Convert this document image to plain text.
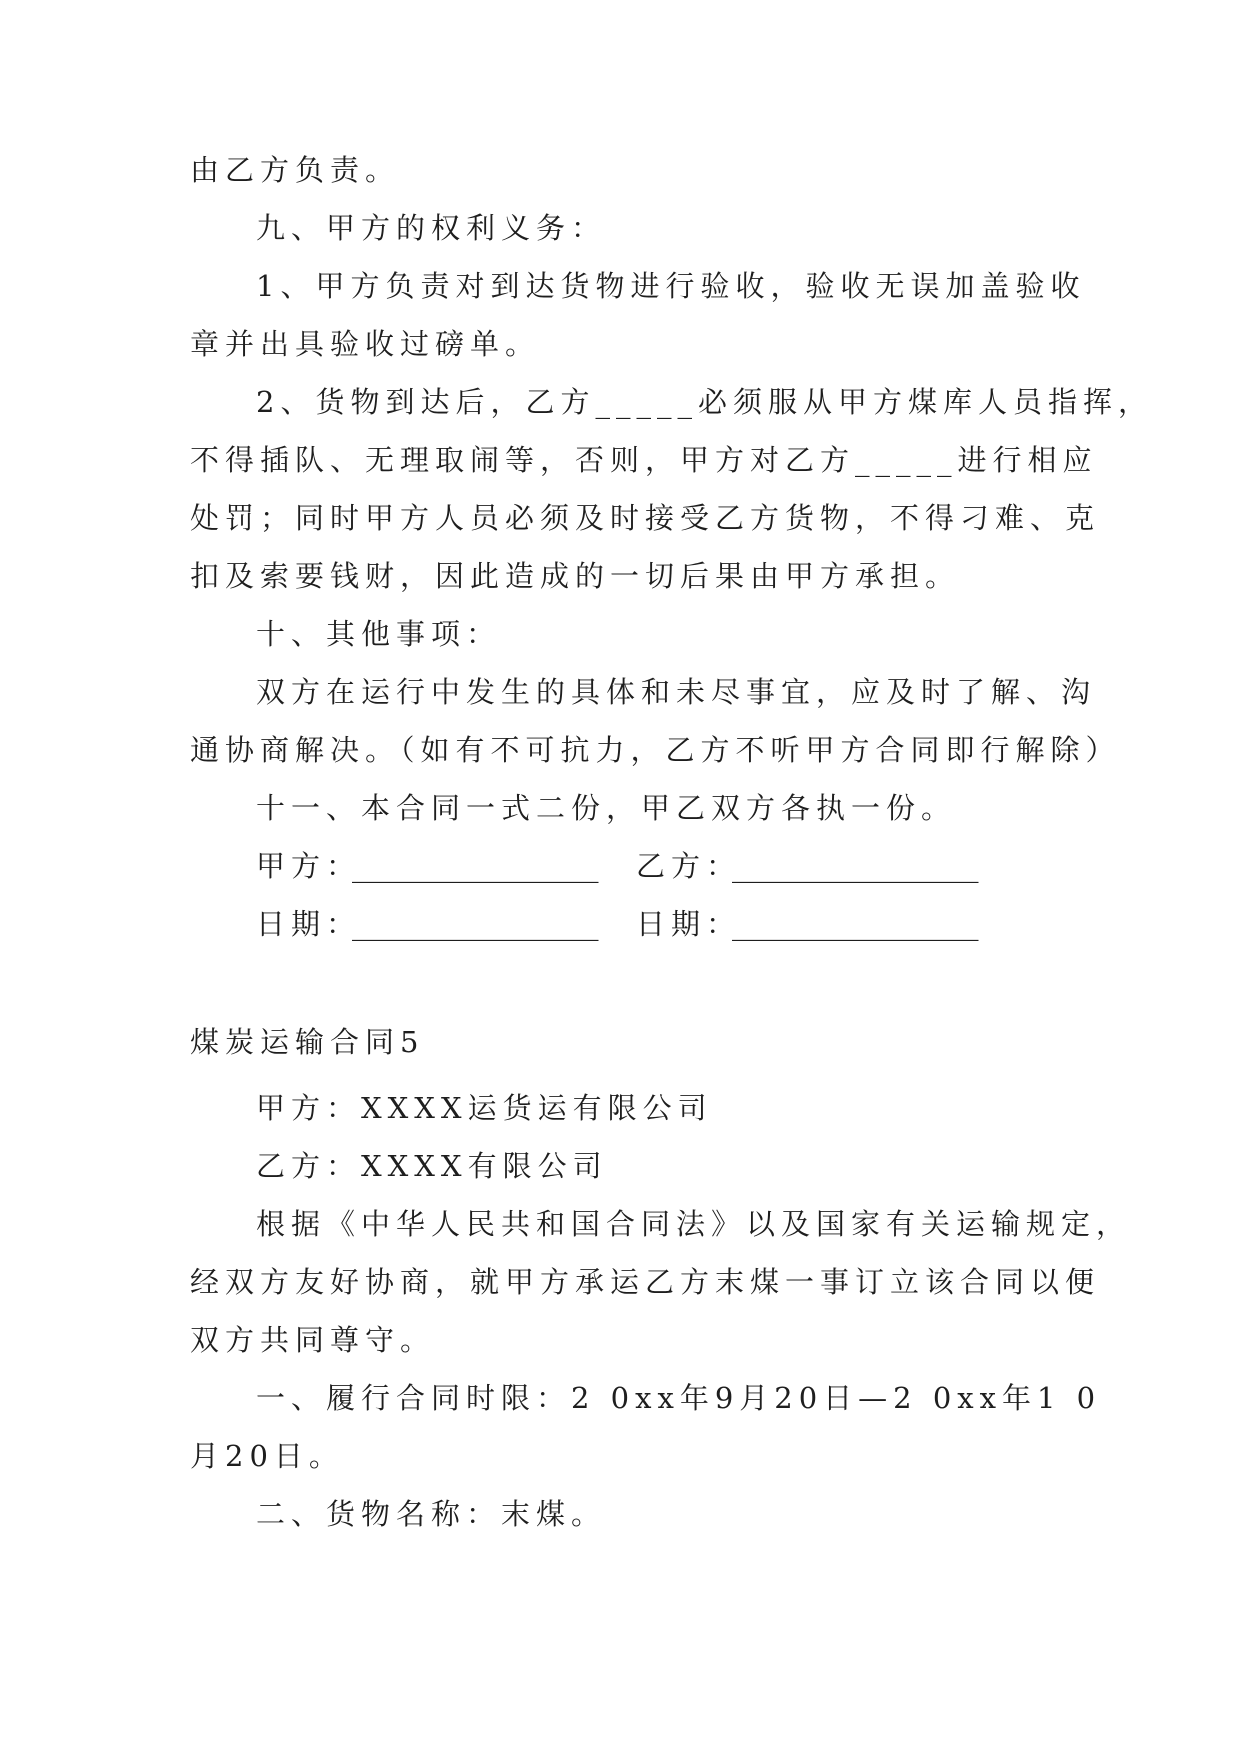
由乙方负责。
九、甲方的权利义务：
1、甲方负责对到达货物进行验收，验收无误加盖验收
章并出具验收过磅单。
2、货物到达后，乙方_____必须服从甲方煤库人员指挥，
不得插队、无理取闹等，否则，甲方对乙方_____进行相应
处罚；同时甲方人员必须及时接受乙方货物，不得刁难、克
扣及索要钱财，因此造成的一切后果由甲方承担。
十、其他事项：
双方在运行中发生的具体和未尽事宜，应及时了解、沟
通协商解决。（如有不可抗力，乙方不听甲方合同即行解除）
十一、本合同一式二份，甲乙双方各执一份。
甲方：
_________________ 乙方：
_________________
日期：
_________________ 日期：
_________________
煤炭运输合同5
甲方：XXXX运货运有限公司
乙方：XXXX有限公司
根据《中华人民共和国合同法》以及国家有关运输规定，
经双方友好协商，就甲方承运乙方末煤一事订立该合同以便
双方共同尊守。
一、履行合同时限：2 0xx年9月20日—2 0xx年1 0
月20日。
二、货物名称：末煤。
